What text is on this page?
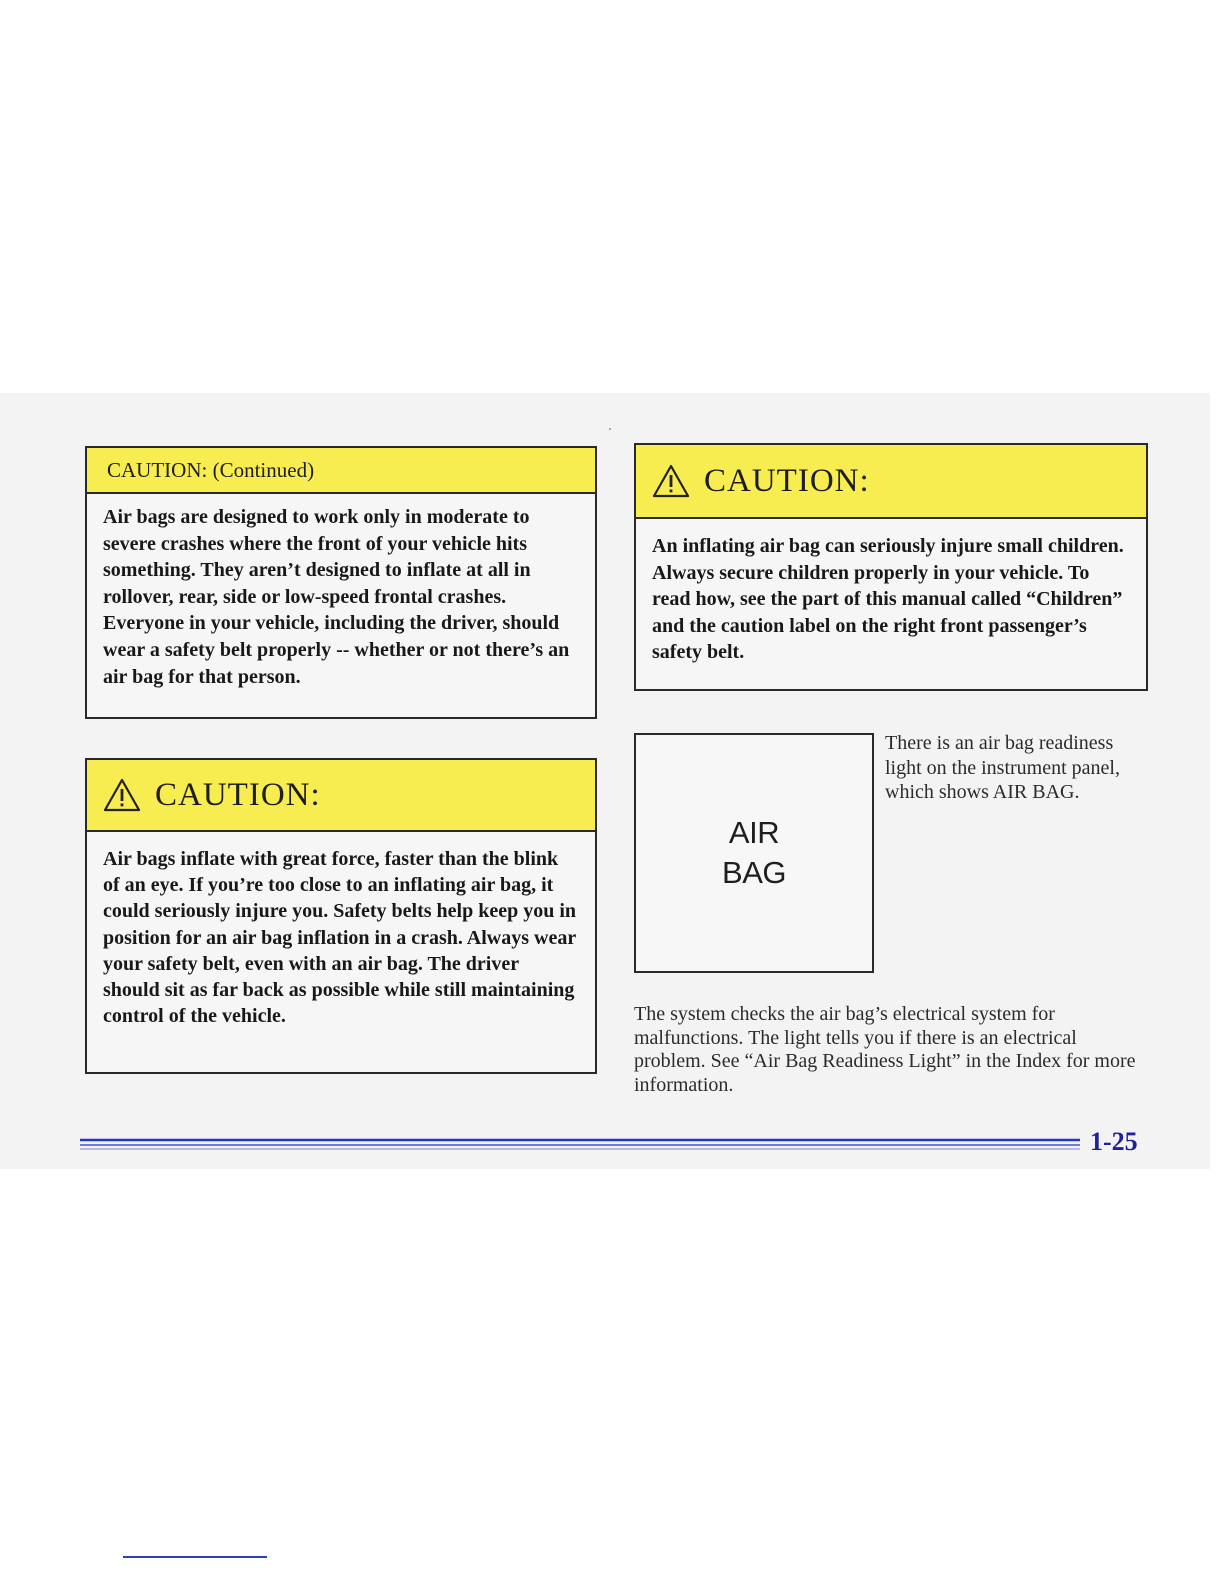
CAUTION: (Continued)

Air bags are designed to work only in moderate to severe crashes where the front of your vehicle hits something. They aren’t designed to inflate at all in rollover, rear, side or low-speed frontal crashes. Everyone in your vehicle, including the driver, should wear a safety belt properly -- whether or not there’s an air bag for that person.

CAUTION:

Air bags inflate with great force, faster than the blink of an eye. If you’re too close to an inflating air bag, it could seriously injure you. Safety belts help keep you in position for an air bag inflation in a crash. Always wear your safety belt, even with an air bag. The driver should sit as far back as possible while still maintaining control of the vehicle.

CAUTION:

An inflating air bag can seriously injure small children. Always secure children properly in your vehicle. To read how, see the part of this manual called “Children” and the caution label on the right front passenger’s safety belt.

AIR
BAG

There is an air bag readiness light on the instrument panel, which shows AIR BAG.

The system checks the air bag’s electrical system for malfunctions. The light tells you if there is an electrical problem. See “Air Bag Readiness Light” in the Index for more information.

1-25
